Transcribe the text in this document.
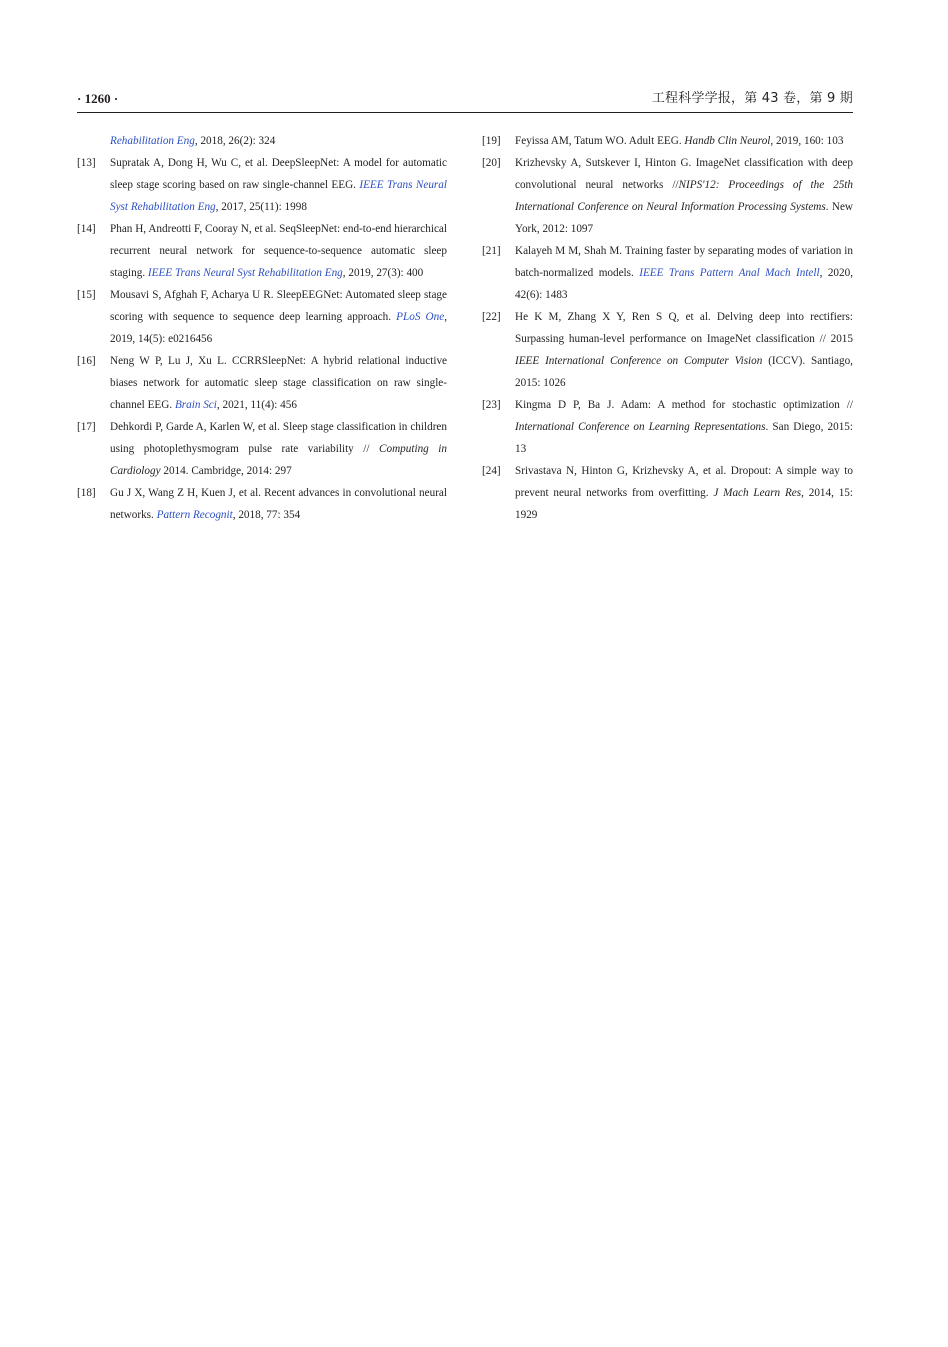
· 1260 ·	工程科学学报，第 43 卷，第 9 期
Rehabilitation Eng, 2018, 26(2): 324
[13] Supratak A, Dong H, Wu C, et al. DeepSleepNet: A model for automatic sleep stage scoring based on raw single-channel EEG. IEEE Trans Neural Syst Rehabilitation Eng, 2017, 25(11): 1998
[14] Phan H, Andreotti F, Cooray N, et al. SeqSleepNet: end-to-end hierarchical recurrent neural network for sequence-to-sequence automatic sleep staging. IEEE Trans Neural Syst Rehabilitation Eng, 2019, 27(3): 400
[15] Mousavi S, Afghah F, Acharya U R. SleepEEGNet: Automated sleep stage scoring with sequence to sequence deep learning approach. PLoS One, 2019, 14(5): e0216456
[16] Neng W P, Lu J, Xu L. CCRRSleepNet: A hybrid relational inductive biases network for automatic sleep stage classification on raw single-channel EEG. Brain Sci, 2021, 11(4): 456
[17] Dehkordi P, Garde A, Karlen W, et al. Sleep stage classification in children using photoplethysmogram pulse rate variability // Computing in Cardiology 2014. Cambridge, 2014: 297
[18] Gu J X, Wang Z H, Kuen J, et al. Recent advances in convolutional neural networks. Pattern Recognit, 2018, 77: 354
[19] Feyissa AM, Tatum WO. Adult EEG. Handb Clin Neurol, 2019, 160: 103
[20] Krizhevsky A, Sutskever I, Hinton G. ImageNet classification with deep convolutional neural networks //NIPS'12: Proceedings of the 25th International Conference on Neural Information Processing Systems. New York, 2012: 1097
[21] Kalayeh M M, Shah M. Training faster by separating modes of variation in batch-normalized models. IEEE Trans Pattern Anal Mach Intell, 2020, 42(6): 1483
[22] He K M, Zhang X Y, Ren S Q, et al. Delving deep into rectifiers: Surpassing human-level performance on ImageNet classification // 2015 IEEE International Conference on Computer Vision (ICCV). Santiago, 2015: 1026
[23] Kingma D P, Ba J. Adam: A method for stochastic optimization // International Conference on Learning Representations. San Diego, 2015: 13
[24] Srivastava N, Hinton G, Krizhevsky A, et al. Dropout: A simple way to prevent neural networks from overfitting. J Mach Learn Res, 2014, 15: 1929
